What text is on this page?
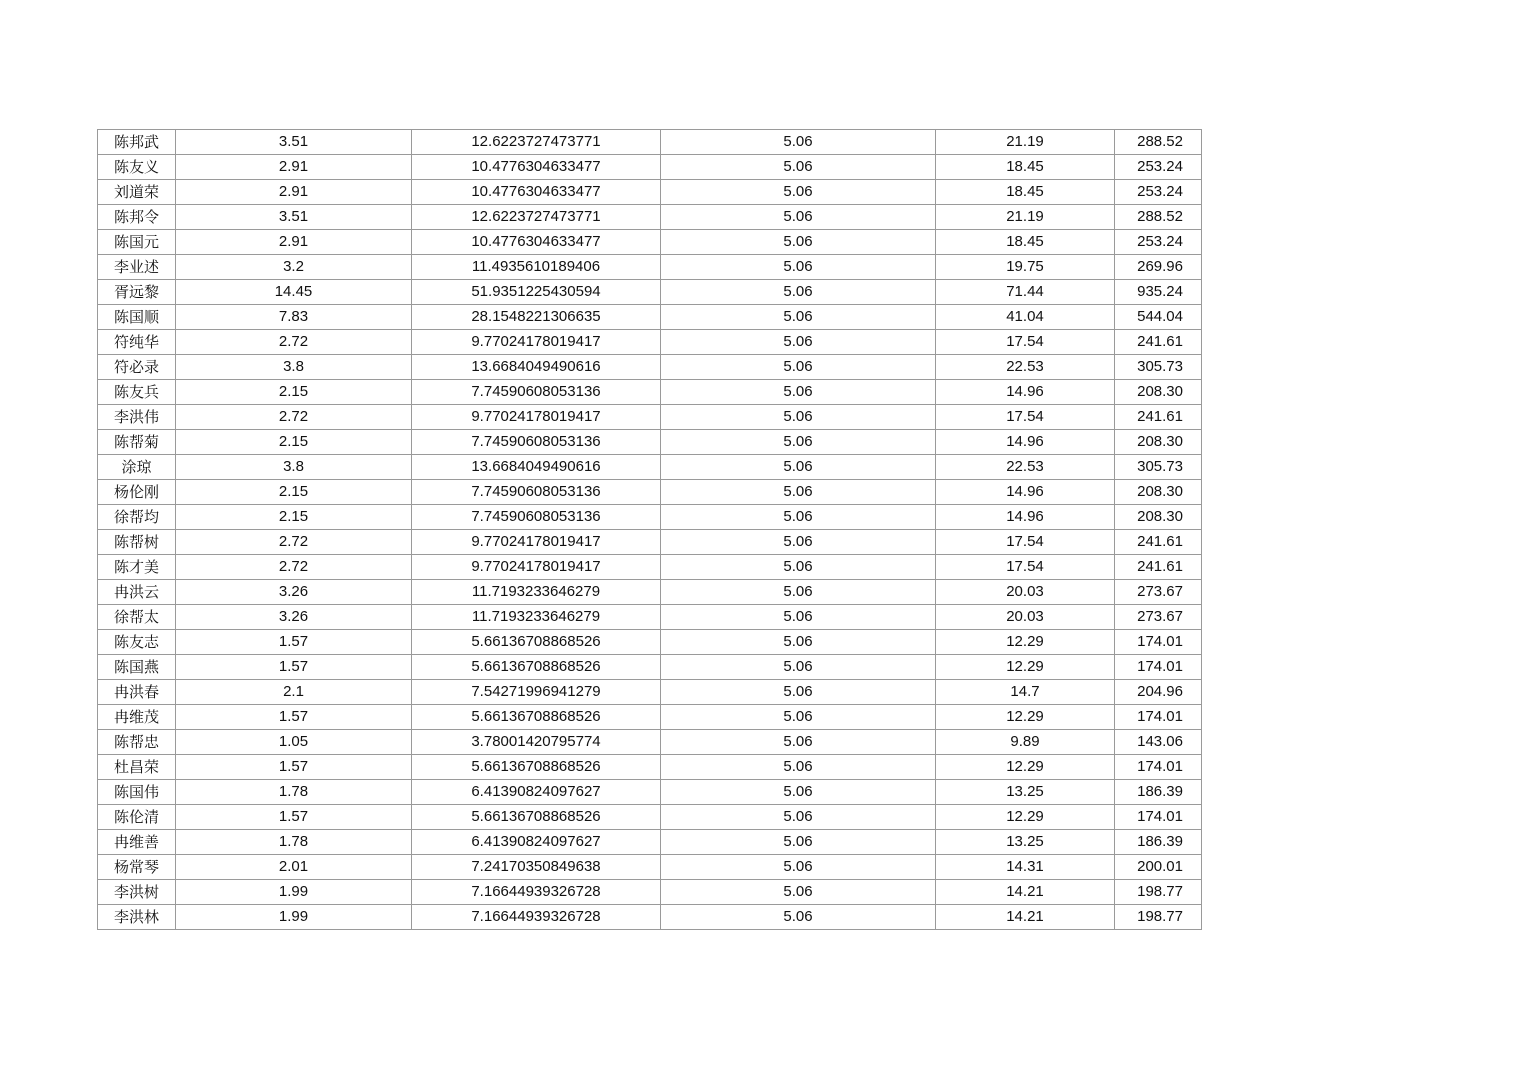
陈邦武	3.51	12.6223727473771	5.06	21.19	288.52
陈友义	2.91	10.4776304633477	5.06	18.45	253.24
刘道荣	2.91	10.4776304633477	5.06	18.45	253.24
陈邦令	3.51	12.6223727473771	5.06	21.19	288.52
陈国元	2.91	10.4776304633477	5.06	18.45	253.24
李业述	3.2	11.4935610189406	5.06	19.75	269.96
胥远黎	14.45	51.9351225430594	5.06	71.44	935.24
陈国顺	7.83	28.1548221306635	5.06	41.04	544.04
符纯华	2.72	9.77024178019417	5.06	17.54	241.61
符必录	3.8	13.6684049490616	5.06	22.53	305.73
陈友兵	2.15	7.74590608053136	5.06	14.96	208.30
李洪伟	2.72	9.77024178019417	5.06	17.54	241.61
陈帮菊	2.15	7.74590608053136	5.06	14.96	208.30
涂琼	3.8	13.6684049490616	5.06	22.53	305.73
杨伦刚	2.15	7.74590608053136	5.06	14.96	208.30
徐帮均	2.15	7.74590608053136	5.06	14.96	208.30
陈帮树	2.72	9.77024178019417	5.06	17.54	241.61
陈才美	2.72	9.77024178019417	5.06	17.54	241.61
冉洪云	3.26	11.7193233646279	5.06	20.03	273.67
徐帮太	3.26	11.7193233646279	5.06	20.03	273.67
陈友志	1.57	5.66136708868526	5.06	12.29	174.01
陈国燕	1.57	5.66136708868526	5.06	12.29	174.01
冉洪春	2.1	7.54271996941279	5.06	14.7	204.96
冉维茂	1.57	5.66136708868526	5.06	12.29	174.01
陈帮忠	1.05	3.78001420795774	5.06	9.89	143.06
杜昌荣	1.57	5.66136708868526	5.06	12.29	174.01
陈国伟	1.78	6.41390824097627	5.06	13.25	186.39
陈伦清	1.57	5.66136708868526	5.06	12.29	174.01
冉维善	1.78	6.41390824097627	5.06	13.25	186.39
杨常琴	2.01	7.24170350849638	5.06	14.31	200.01
李洪树	1.99	7.16644939326728	5.06	14.21	198.77
李洪林	1.99	7.16644939326728	5.06	14.21	198.77
